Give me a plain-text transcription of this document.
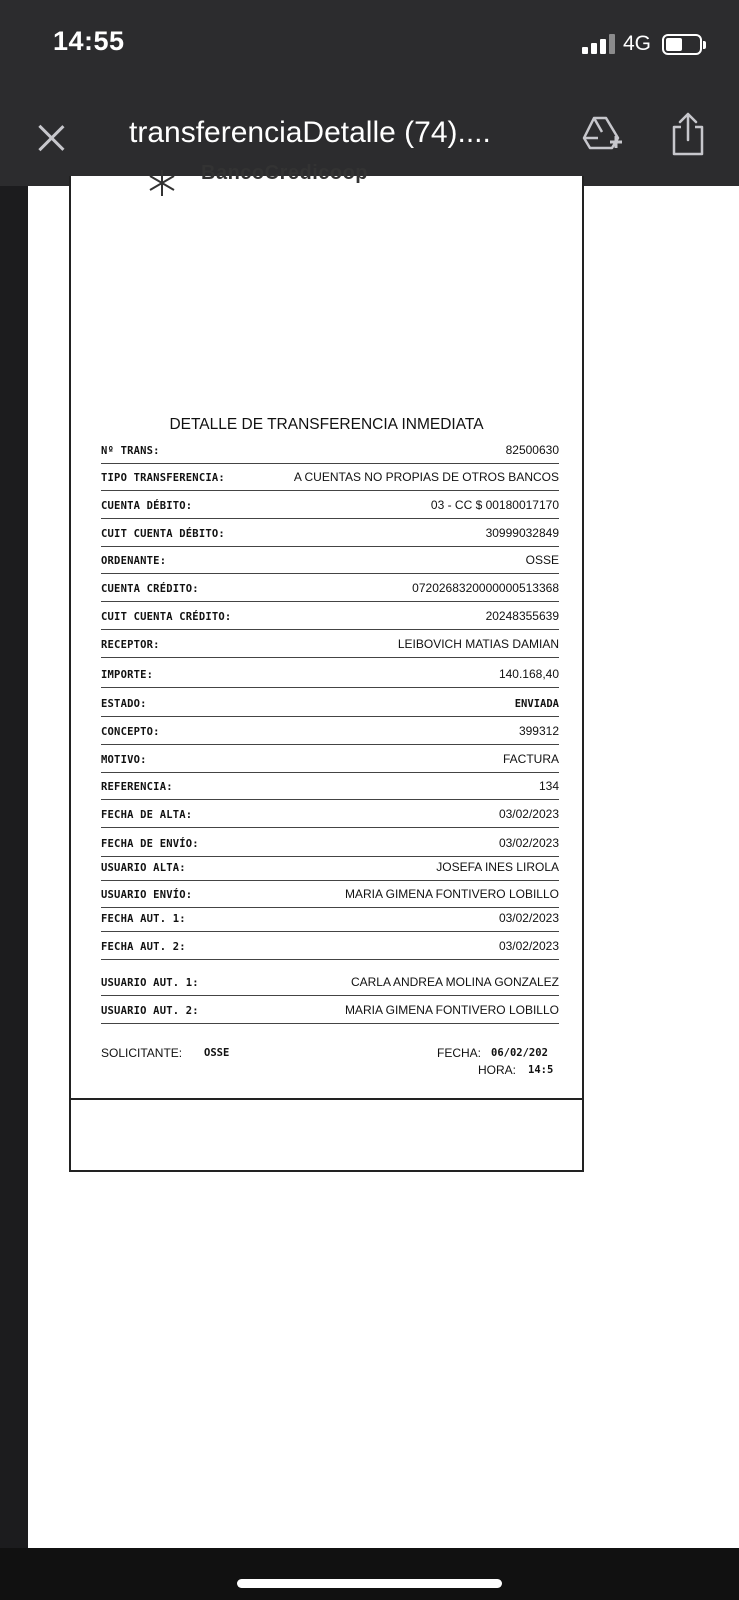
14:55	4G
transferenciaDetalle (74)....
BancoCredicoop
DETALLE DE TRANSFERENCIA INMEDIATA
Nº TRANS:	82500630
TIPO TRANSFERENCIA:	A CUENTAS NO PROPIAS DE OTROS BANCOS
CUENTA DÉBITO:	03 - CC $ 00180017170
CUIT CUENTA DÉBITO:	30999032849
ORDENANTE:	OSSE
CUENTA CRÉDITO:	0720268320000000513368
CUIT CUENTA CRÉDITO:	20248355639
RECEPTOR:	LEIBOVICH MATIAS DAMIAN
IMPORTE:	140.168,40
ESTADO:	ENVIADA
CONCEPTO:	399312
MOTIVO:	FACTURA
REFERENCIA:	134
FECHA DE ALTA:	03/02/2023
FECHA DE ENVÍO:	03/02/2023
USUARIO ALTA:	JOSEFA INES LIROLA
USUARIO ENVÍO:	MARIA GIMENA FONTIVERO LOBILLO
FECHA AUT. 1:	03/02/2023
FECHA AUT. 2:	03/02/2023
USUARIO AUT. 1:	CARLA ANDREA MOLINA GONZALEZ
USUARIO AUT. 2:	MARIA GIMENA FONTIVERO LOBILLO
SOLICITANTE: OSSE	FECHA: 06/02/202
HORA: 14:5
